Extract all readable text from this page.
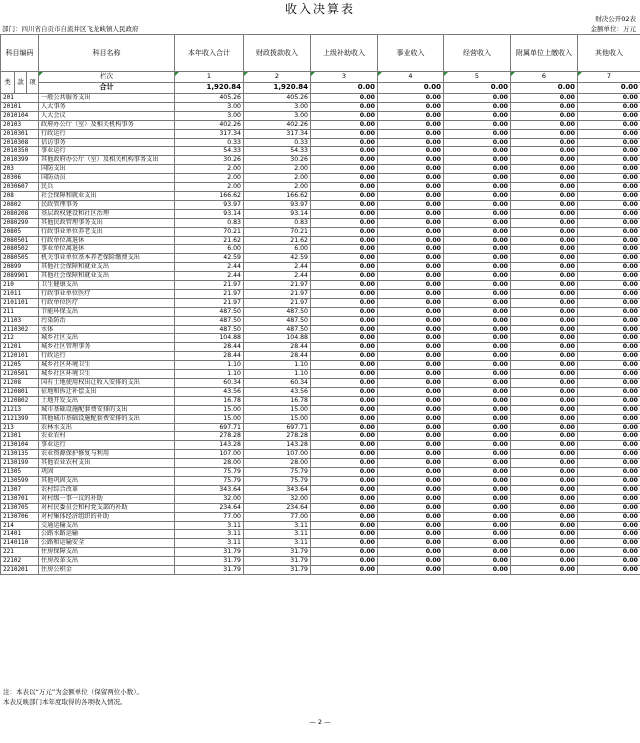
收入决算表
部门：四川省自贡市自流井区飞龙峡镇人民政府
财决公开02表
金额单位：万元
科目编码			科目名称	本年收入合计	财政拨款收入	上级补助收入	事业收入	经营收入	附属单位上缴收入	其他收入
类	款	项	栏次	1	2	3	4	5	6	7
			合计	1,920.84	1,920.84	0.00	0.00	0.00	0.00	0.00
201			一般公共服务支出	405.26	405.26	0.00	0.00	0.00	0.00	0.00
20101			人大事务	3.00	3.00	0.00	0.00	0.00	0.00	0.00
2010104			人大会议	3.00	3.00	0.00	0.00	0.00	0.00	0.00
20103			政府办公厅（室）及相关机构事务	402.26	402.26	0.00	0.00	0.00	0.00	0.00
2010301			行政运行	317.34	317.34	0.00	0.00	0.00	0.00	0.00
2010308			信访事务	0.33	0.33	0.00	0.00	0.00	0.00	0.00
2010350			事业运行	54.33	54.33	0.00	0.00	0.00	0.00	0.00
2010399			其他政府办公厅（室）及相关机构事务支出	30.26	30.26	0.00	0.00	0.00	0.00	0.00
203			国防支出	2.00	2.00	0.00	0.00	0.00	0.00	0.00
20306			国防动员	2.00	2.00	0.00	0.00	0.00	0.00	0.00
2030607			民兵	2.00	2.00	0.00	0.00	0.00	0.00	0.00
208			社会保障和就业支出	166.62	166.62	0.00	0.00	0.00	0.00	0.00
20802			民政管理事务	93.97	93.97	0.00	0.00	0.00	0.00	0.00
2080208			基层政权建设和社区治理	93.14	93.14	0.00	0.00	0.00	0.00	0.00
2080299			其他民政管理事务支出	0.83	0.83	0.00	0.00	0.00	0.00	0.00
20805			行政事业单位养老支出	70.21	70.21	0.00	0.00	0.00	0.00	0.00
2080501			行政单位离退休	21.62	21.62	0.00	0.00	0.00	0.00	0.00
2080502			事业单位离退休	6.00	6.00	0.00	0.00	0.00	0.00	0.00
2080505			机关事业单位基本养老保险缴费支出	42.59	42.59	0.00	0.00	0.00	0.00	0.00
20899			其他社会保障和就业支出	2.44	2.44	0.00	0.00	0.00	0.00	0.00
2089901			其他社会保障和就业支出	2.44	2.44	0.00	0.00	0.00	0.00	0.00
210			卫生健康支出	21.97	21.97	0.00	0.00	0.00	0.00	0.00
21011			行政事业单位医疗	21.97	21.97	0.00	0.00	0.00	0.00	0.00
2101101			行政单位医疗	21.97	21.97	0.00	0.00	0.00	0.00	0.00
211			节能环保支出	487.50	487.50	0.00	0.00	0.00	0.00	0.00
21103			污染防治	487.50	487.50	0.00	0.00	0.00	0.00	0.00
2110302			水体	487.50	487.50	0.00	0.00	0.00	0.00	0.00
212			城乡社区支出	104.88	104.88	0.00	0.00	0.00	0.00	0.00
21201			城乡社区管理事务	28.44	28.44	0.00	0.00	0.00	0.00	0.00
2120101			行政运行	28.44	28.44	0.00	0.00	0.00	0.00	0.00
21205			城乡社区环境卫生	1.10	1.10	0.00	0.00	0.00	0.00	0.00
2120501			城乡社区环境卫生	1.10	1.10	0.00	0.00	0.00	0.00	0.00
21208			国有土地使用权出让收入安排的支出	60.34	60.34	0.00	0.00	0.00	0.00	0.00
2120801			征地和拆迁补偿支出	43.56	43.56	0.00	0.00	0.00	0.00	0.00
2120802			土地开发支出	16.78	16.78	0.00	0.00	0.00	0.00	0.00
21213			城市基础设施配套费安排的支出	15.00	15.00	0.00	0.00	0.00	0.00	0.00
2121399			其他城市基础设施配套费安排的支出	15.00	15.00	0.00	0.00	0.00	0.00	0.00
213			农林水支出	697.71	697.71	0.00	0.00	0.00	0.00	0.00
21301			农业农村	278.28	278.28	0.00	0.00	0.00	0.00	0.00
2130104			事业运行	143.28	143.28	0.00	0.00	0.00	0.00	0.00
2130135			农业资源保护修复与利用	107.00	107.00	0.00	0.00	0.00	0.00	0.00
2130199			其他农业农村支出	28.00	28.00	0.00	0.00	0.00	0.00	0.00
21305			巩固	75.79	75.79	0.00	0.00	0.00	0.00	0.00
2130599			其他巩固支出	75.79	75.79	0.00	0.00	0.00	0.00	0.00
21307			农村综合改革	343.64	343.64	0.00	0.00	0.00	0.00	0.00
2130701			对村级一事一议的补助	32.00	32.00	0.00	0.00	0.00	0.00	0.00
2130705			对村民委员会和村党支部的补助	234.64	234.64	0.00	0.00	0.00	0.00	0.00
2130706			对村集体经济组织的补助	77.00	77.00	0.00	0.00	0.00	0.00	0.00
214			交通运输支出	3.11	3.11	0.00	0.00	0.00	0.00	0.00
21401			公路水路运输	3.11	3.11	0.00	0.00	0.00	0.00	0.00
2140110			公路和运输安全	3.11	3.11	0.00	0.00	0.00	0.00	0.00
221			住房保障支出	31.79	31.79	0.00	0.00	0.00	0.00	0.00
22102			住房改革支出	31.79	31.79	0.00	0.00	0.00	0.00	0.00
2210201			住房公积金	31.79	31.79	0.00	0.00	0.00	0.00	0.00
注：本表以“万元”为金额单位（保留两位小数）。
本表反映部门本年度取得的各项收入情况。
— 2 —
